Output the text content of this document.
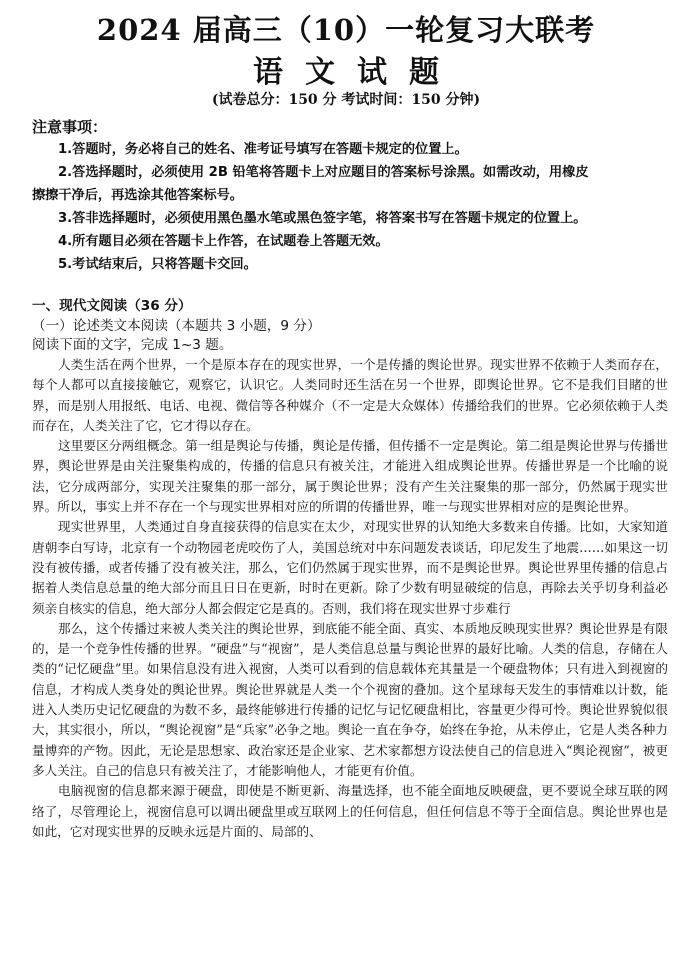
2024 届高三（10）一轮复习大联考
语文试题
(试卷总分：150 分 考试时间：150 分钟)
注意事项：

1.答题时，务必将自己的姓名、准考证号填写在答题卡规定的位置上。

2.答选择题时，必须使用 2B 铅笔将答题卡上对应题目的答案标号涂黑。如需改动，用橡皮

擦擦干净后，再选涂其他答案标号。

3.答非选择题时，必须使用黑色墨水笔或黑色签字笔，将答案书写在答题卡规定的位置上。

4.所有题目必须在答题卡上作答，在试题卷上答题无效。

5.考试结束后，只将答题卡交回。

一、现代文阅读（36 分）
（一）论述类文本阅读（本题共 3 小题，9 分）
阅读下面的文字，完成 1~3 题。

人类生活在两个世界，一个是原本存在的现实世界，一个是传播的舆论世界。现实世界不依赖于人类而存在，每个人都可以直接接触它，观察它，认识它。人类同时还生活在另一个世界，即舆论世界。它不是我们目睹的世界，而是别人用报纸、电话、电视、微信等各种媒介（不一定是大众媒体）传播给我们的世界。它必须依赖于人类而存在，人类关注了它，它才得以存在。

这里要区分两组概念。第一组是舆论与传播，舆论是传播，但传播不一定是舆论。第二组是舆论世界与传播世界，舆论世界是由关注聚集构成的，传播的信息只有被关注，才能进入组成舆论世界。传播世界是一个比喻的说法，它分成两部分，实现关注聚集的那一部分，属于舆论世界；没有产生关注聚集的那一部分，仍然属于现实世界。所以，事实上并不存在一个与现实世界相对应的所谓的传播世界，唯一与现实世界相对应的是舆论世界。

现实世界里，人类通过自身直接获得的信息实在太少，对现实世界的认知绝大多数来自传播。比如，大家知道唐朝李白写诗，北京有一个动物园老虎咬伤了人，美国总统对中东问题发表谈话，印尼发生了地震……如果这一切没有被传播，或者传播了没有被关注，那么，它们仍然属于现实世界，而不是舆论世界。舆论世界里传播的信息占据着人类信息总量的绝大部分而且日日在更新，时时在更新。除了少数有明显破绽的信息，再除去关乎切身利益必须亲自核实的信息，绝大部分人都会假定它是真的。否则，我们将在现实世界寸步难行

那么，这个传播过来被人类关注的舆论世界，到底能不能全面、真实、本质地反映现实世界？舆论世界是有限的，是一个竞争性传播的世界。“硬盘”与“视窗”，是人类信息总量与舆论世界的最好比喻。人类的信息，存储在人类的“记忆硬盘”里。如果信息没有进入视窗，人类可以看到的信息载体充其量是一个硬盘物体；只有进入到视窗的信息，才构成人类身处的舆论世界。舆论世界就是人类一个个视窗的叠加。这个星球每天发生的事情难以计数，能进入人类历史记忆硬盘的为数不多，最终能够进行传播的记忆与记忆硬盘相比，容量更少得可怜。舆论世界貌似很大，其实很小，所以，“舆论视窗”是“兵家”必争之地。舆论一直在争夺，始终在争抢，从未停止，它是人类各种力量博弈的产物。因此，无论是思想家、政治家还是企业家、艺术家都想方设法使自己的信息进入“舆论视窗”，被更多人关注。自己的信息只有被关注了，才能影响他人，才能更有价值。

电脑视窗的信息都来源于硬盘，即使是不断更新、海量选择，也不能全面地反映硬盘，更不要说全球互联的网络了，尽管理论上，视窗信息可以调出硬盘里或互联网上的任何信息，但任何信息不等于全面信息。舆论世界也是如此，它对现实世界的反映永远是片面的、局部的、
